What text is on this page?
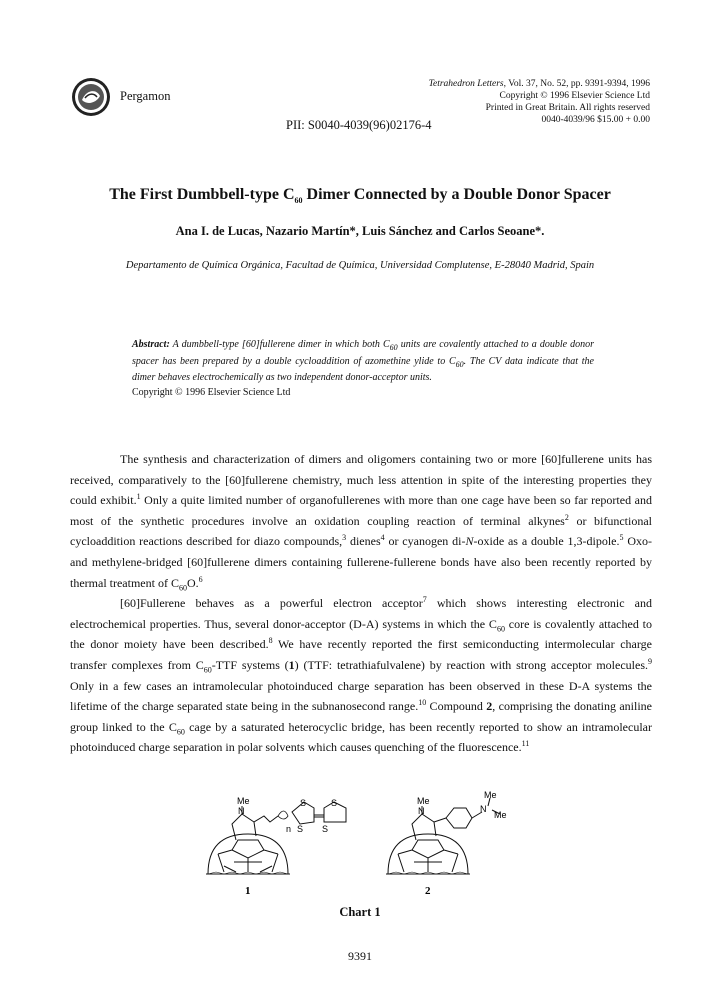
Pergamon
Tetrahedron Letters, Vol. 37, No. 52, pp. 9391-9394, 1996
Copyright © 1996 Elsevier Science Ltd
Printed in Great Britain. All rights reserved
0040-4039/96 $15.00 + 0.00
PII: S0040-4039(96)02176-4
The First Dumbbell-type $C_{60}$ Dimer Connected by a Double Donor Spacer
Ana I. de Lucas, Nazario Martín*, Luis Sánchez and Carlos Seoane*.
Departamento de Química Orgánica, Facultad de Química, Universidad Complutense, E-28040 Madrid, Spain
Abstract: A dumbbell-type [60]fullerene dimer in which both $C_{60}$ units are covalently attached to a double donor spacer has been prepared by a double cycloaddition of azomethine ylide to $C_{60}$. The CV data indicate that the dimer behaves electrochemically as two independent donor-acceptor units.
Copyright © 1996 Elsevier Science Ltd

The synthesis and characterization of dimers and oligomers containing two or more [60]fullerene units has received, comparatively to the [60]fullerene chemistry, much less attention in spite of the interesting properties they could exhibit.$^1$ Only a quite limited number of organofullerenes with more than one cage have been so far reported and most of the synthetic procedures involve an oxidation coupling reaction of terminal alkynes$^2$ or bifunctional cycloaddition reactions described for diazo compounds,$^3$ dienes$^4$ or cyanogen di-N-oxide as a double 1,3-dipole.$^5$ Oxo- and methylene-bridged [60]fullerene dimers containing fullerene-fullerene bonds have also been recently reported by thermal treatment of $C_{60}O.^6$

[60]Fullerene behaves as a powerful electron acceptor$^7$ which shows interesting electronic and electrochemical properties. Thus, several donor-acceptor (D-A) systems in which the $C_{60}$ core is covalently attached to the donor moiety have been described.$^8$ We have recently reported the first semiconducting intermolecular charge transfer complexes from $C_{60}$-TTF systems (1) (TTF: tetrathiafulvalene) by reaction with strong acceptor molecules.$^9$ Only in a few cases an intramolecular photoinduced charge separation has been observed in these D-A systems the lifetime of the charge separated state being in the subnanosecond range.$^{10}$ Compound 2, comprising the donating aniline group linked to the $C_{60}$ cage by a saturated heterocyclic bridge, has been recently reported to show an intramolecular photoinduced charge separation in polar solvents which causes quenching of the fluorescence.$^{11}$

Me
N
n
S
S
S
S
Me
N
Me
N
Me
1	2
Chart 1
9391
